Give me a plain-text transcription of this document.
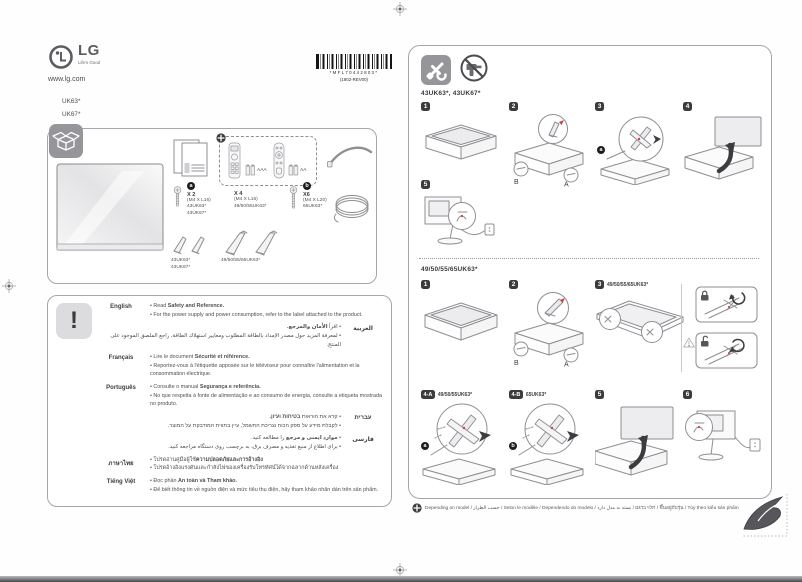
LG
Life's Good
www.lg.com
UK63*
UK67*
*MFL70442803*
(1802-REV00)
AAA	AA
a
X 2
(M4 X L16)
43UK63*
43UK67*
X 4
(M4 X L16)
49/50/55UK63*
b
X6
(M4 X L20)
65UK63*
43UK63*
43UK67*
49/50/55/65UK63*
!	English	• Read Safety and Reference.
• For the power supply and power consumption, refer to the label attached to the product.
• اقرأ الأمان والمرجع.
• لمعرفة المزيد حول مصدر الإمداد بالطاقة المطلوب ومعايير استهلاك الطاقة، راجع الملصق الموجود على المنتج.
العربية
Français	• Lire le document Sécurité et référence.
• Reportez-vous à l'étiquette apposée sur le téléviseur pour connaître l'alimentation et la consommation électrique.
Português	• Consulte o manual Segurança e referência.
• No que respeita à fonte de alimentação e ao consumo de energia, consulte a etiqueta mostrada no produto.
• קרא את הוראות בטיחות ועיון.
• לקבלת מידע על ספק הכוח וצריכת החשמל, עיין בתווית המודבקת על המוצר.
עברית
• موارد ایمنی و مرجع را مطالعه کنید.
• برای اطلاع از منبع تغذیه و مصرف برق، به برچسب روی دستگاه مراجعه کنید.
فارسی
ภาษาไทย
• โปรดอ่านคู่มือผู้ใช้ความปลอดภัยและการอ้างอิง
• โปรดอ้างอิงแรงดันและกำลังไฟของเครื่องรับโทรทัศน์ได้จากฉลากด้านหลังเครื่อง
Tiếng Việt	• Đọc phần An toàn và Tham khảo.
• Để biết thông tin về nguồn điện và mức tiêu thụ điện, hãy tham khảo nhãn dán trên sản phẩm.
43UK63*, 43UK67*
1	2
B	A
3
a
4
5
49/50/55/65UK63*
1	2
B	A
3	49/50/55/65UK63*
4-A	49/50/55UK63*
a
4-B	65UK63*
b
5	6
Depending on model / حسب الطراز / Selon le modèle / Dependendo do modelo / תלוי בדגם / بسته به مدل دارد / ขึ้นอยู่กับรุ่น / Tùy theo kiểu sản phẩm
